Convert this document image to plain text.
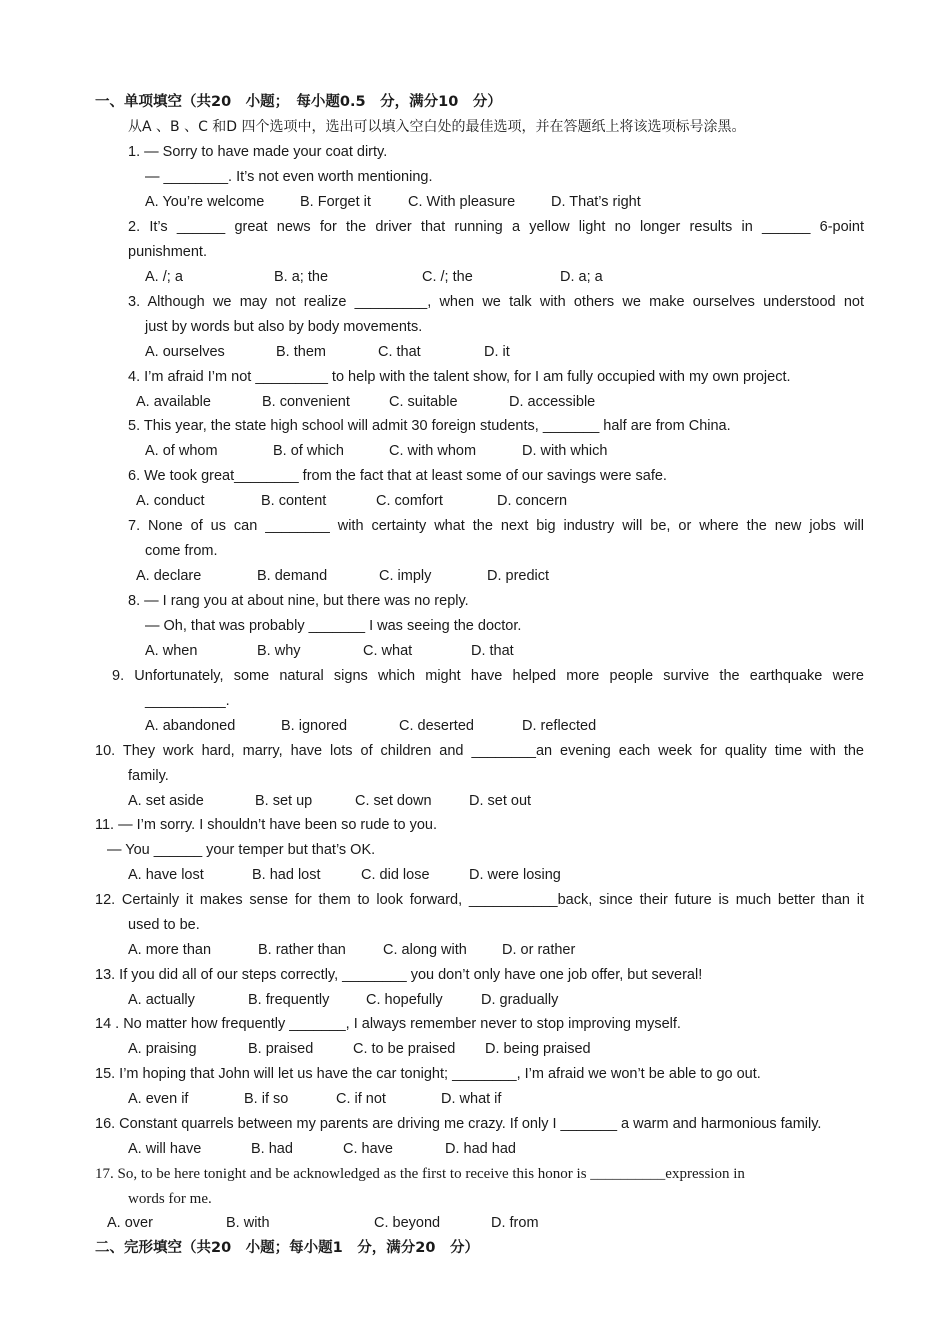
一、单项填空（共20　小题；　每小题0.5　分，满分10　分）
从A 、B 、C 和D 四个选项中，选出可以填入空白处的最佳选项，并在答题纸上将该选项标号涂黑。
1. — Sorry to have made your coat dirty.
— ________. It’s not even worth mentioning.
A. You’re welcome B. Forget it	C. With pleasure D. That’s right
2. It’s ______ great news for the driver that running a yellow light no longer results in ______ 6-point
punishment.
A. /; a	B. a; the	C. /; the	D. a; a
3. Although we may not realize _________, when we talk with others we make ourselves understood not
just by words but also by body movements.
A. ourselves	B. them	C. that	D. it
4. I’m afraid I’m not _________ to help with the talent show, for I am fully occupied with my own project.
A. available	B. convenient	C. suitable	D. accessible
5. This year, the state high school will admit 30 foreign students, _______ half are from China.
A. of whom	B. of which	C. with whom	D. with which
6. We took great________ from the fact that at least some of our savings were safe.
A. conduct	B. content	C. comfort	D. concern
7. None of us can ________ with certainty what the next big industry will be, or where the new jobs will
come from.
A. declare	B. demand	C. imply	D. predict
8. — I rang you at about nine, but there was no reply.
— Oh, that was probably _______ I was seeing the doctor.
A. when	B. why	C. what	D. that
9. Unfortunately, some natural signs which might have helped more people survive the earthquake were
__________.
A. abandoned	B. ignored	C. deserted	D. reflected
10. They work hard, marry, have lots of children and ________an evening each week for quality time with the
family.
A. set aside	B. set up	C. set down	D. set out
11. — I’m sorry. I shouldn’t have been so rude to you.
— You ______ your temper but that’s OK.
A. have lost	B. had lost	C. did lose	D. were losing
12. Certainly it makes sense for them to look forward, ___________back, since their future is much better than it
used to be.
A. more than	B. rather than	C. along with D. or rather
13. If you did all of our steps correctly, ________ you don’t only have one job offer, but several!
A. actually	B. frequently	C. hopefully	D. gradually
14 . No matter how frequently _______, I always remember never to stop improving myself.
A. praising	B. praised	C. to be praised D. being praised
15. I’m hoping that John will let us have the car tonight; ________, I’m afraid we won’t be able to go out.
A. even if	B. if so	C. if not	D. what if
16. Constant quarrels between my parents are driving me crazy. If only I _______ a warm and harmonious family.
A. will have	B. had	C. have	D. had had
17. So, to be here tonight and be acknowledged as the first to receive this honor is __________expression in
words for me.
A. over	B. with	C. beyond	D. from
二、完形填空（共20　小题；每小题1　分，满分20　分）
